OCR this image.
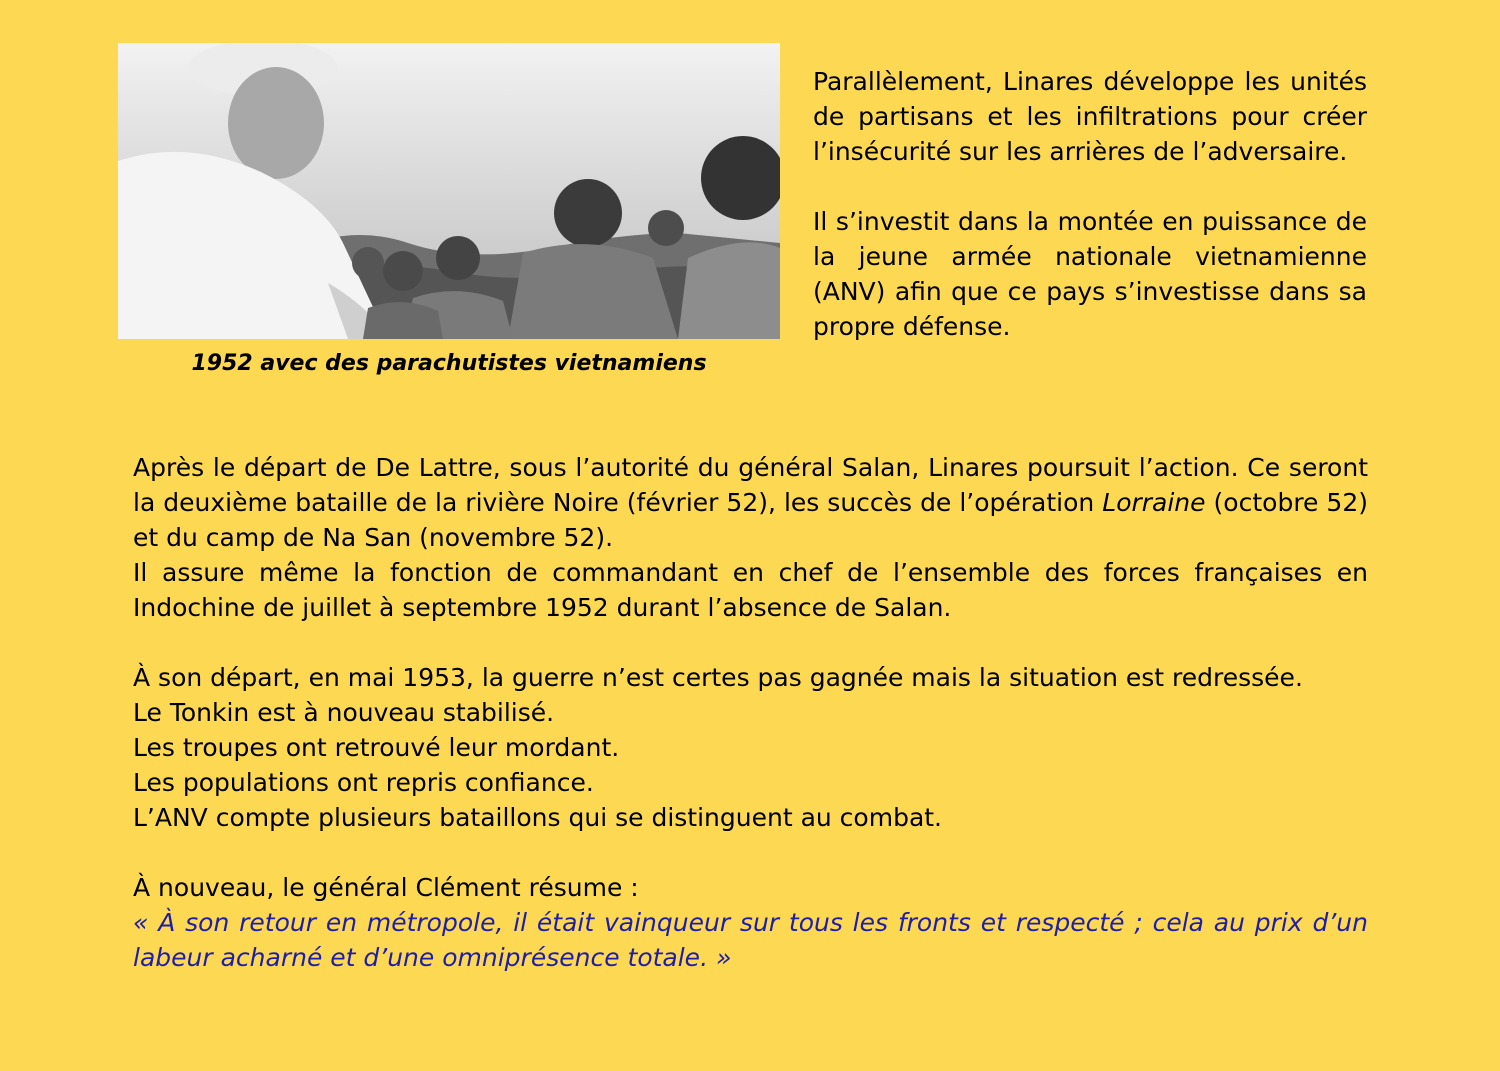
1952 avec des parachutistes vietnamiens

Parallèlement, Linares développe les unités de partisans et les infiltrations pour créer l’insécurité sur les arrières de l’adversaire.

Il s’investit dans la montée en puissance de la jeune armée nationale vietnamienne (ANV) afin que ce pays s’investisse dans sa propre défense.

Après le départ de De Lattre, sous l’autorité du général Salan, Linares poursuit l’action. Ce seront la deuxième bataille de la rivière Noire (février 52), les succès de l’opération Lorraine (octobre 52) et du camp de Na San (novembre 52).

Il assure même la fonction de commandant en chef de l’ensemble des forces françaises en Indochine de juillet à septembre 1952 durant l’absence de Salan.

À son départ, en mai 1953, la guerre n’est certes pas gagnée mais la situation est redressée.

Le Tonkin est à nouveau stabilisé.

Les troupes ont retrouvé leur mordant.

Les populations ont repris confiance.

L’ANV compte plusieurs bataillons qui se distinguent au combat.

À nouveau, le général Clément résume :

« À son retour en métropole, il était vainqueur sur tous les fronts et respecté ; cela au prix d’un labeur acharné et d’une omniprésence totale. »
